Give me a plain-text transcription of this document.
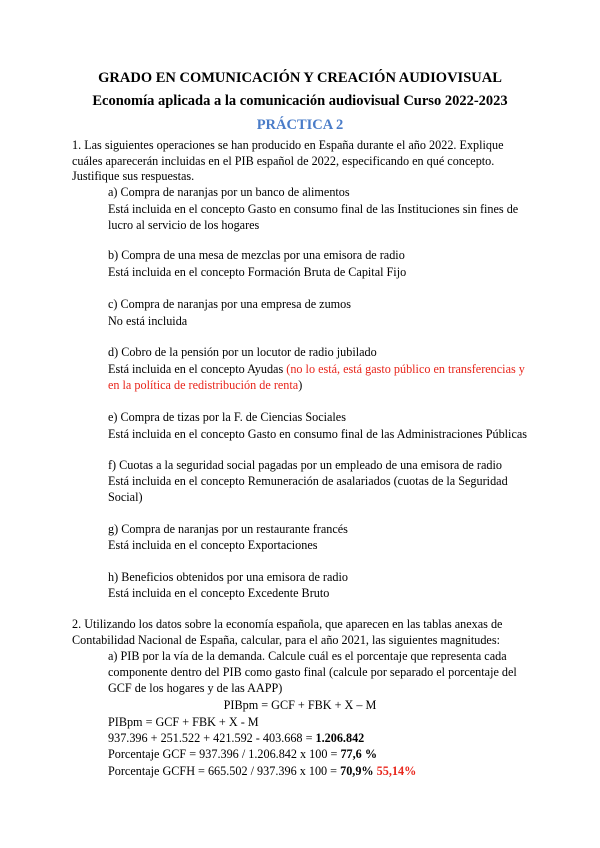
GRADO EN COMUNICACIÓN Y CREACIÓN AUDIOVISUAL
Economía aplicada a la comunicación audiovisual Curso 2022-2023
PRÁCTICA 2
1. Las siguientes operaciones se han producido en España durante el año 2022. Explique
cuáles aparecerán incluidas en el PIB español de 2022, especificando en qué concepto.
Justifique sus respuestas.
a) Compra de naranjas por un banco de alimentos
Está incluida en el concepto Gasto en consumo final de las Instituciones sin fines de
lucro al servicio de los hogares
b) Compra de una mesa de mezclas por una emisora de radio
Está incluida en el concepto Formación Bruta de Capital Fijo
c) Compra de naranjas por una empresa de zumos
No está incluida
d) Cobro de la pensión por un locutor de radio jubilado
Está incluida en el concepto Ayudas (no lo está, está gasto público en transferencias y
en la política de redistribución de renta)
e) Compra de tizas por la F. de Ciencias Sociales
Está incluida en el concepto Gasto en consumo final de las Administraciones Públicas
f) Cuotas a la seguridad social pagadas por un empleado de una emisora de radio
Está incluida en el concepto Remuneración de asalariados (cuotas de la Seguridad
Social)
g) Compra de naranjas por un restaurante francés
Está incluida en el concepto Exportaciones
h) Beneficios obtenidos por una emisora de radio
Está incluida en el concepto Excedente Bruto
2. Utilizando los datos sobre la economía española, que aparecen en las tablas anexas de
Contabilidad Nacional de España, calcular, para el año 2021, las siguientes magnitudes:
a) PIB por la vía de la demanda. Calcule cuál es el porcentaje que representa cada
componente dentro del PIB como gasto final (calcule por separado el porcentaje del
GCF de los hogares y de las AAPP)
PIBpm = GCF + FBK + X – M
PIBpm = GCF + FBK + X - M
937.396 + 251.522 + 421.592 - 403.668 = 1.206.842
Porcentaje GCF = 937.396 / 1.206.842 x 100 = 77,6 %
Porcentaje GCFH = 665.502 / 937.396 x 100 = 70,9% 55,14%
